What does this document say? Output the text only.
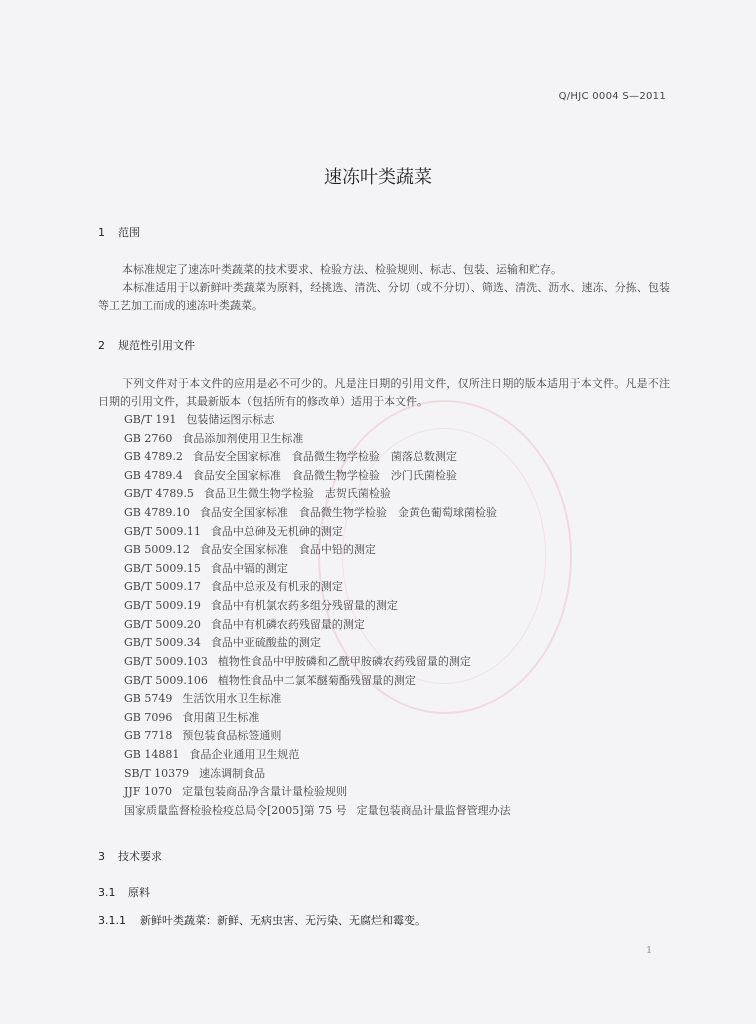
Q/HJC 0004 S—2011
速冻叶类蔬菜
1 范围

本标准规定了速冻叶类蔬菜的技术要求、检验方法、检验规则、标志、包装、运输和贮存。

本标准适用于以新鲜叶类蔬菜为原料，经挑选、清洗、分切（或不分切）、筛选、清洗、沥水、速冻、分拣、包装等工艺加工而成的速冻叶类蔬菜。

2 规范性引用文件

下列文件对于本文件的应用是必不可少的。凡是注日期的引用文件，仅所注日期的版本适用于本文件。凡是不注日期的引用文件，其最新版本（包括所有的修改单）适用于本文件。

GB/T 191 包装储运图示标志
GB 2760 食品添加剂使用卫生标准
GB 4789.2 食品安全国家标准　食品微生物学检验　菌落总数测定
GB 4789.4 食品安全国家标准　食品微生物学检验　沙门氏菌检验
GB/T 4789.5 食品卫生微生物学检验　志贺氏菌检验
GB 4789.10 食品安全国家标准　食品微生物学检验　金黄色葡萄球菌检验
GB/T 5009.11 食品中总砷及无机砷的测定
GB 5009.12 食品安全国家标准　食品中铅的测定
GB/T 5009.15 食品中镉的测定
GB/T 5009.17 食品中总汞及有机汞的测定
GB/T 5009.19 食品中有机氯农药多组分残留量的测定
GB/T 5009.20 食品中有机磷农药残留量的测定
GB/T 5009.34 食品中亚硫酸盐的测定
GB/T 5009.103 植物性食品中甲胺磷和乙酰甲胺磷农药残留量的测定
GB/T 5009.106 植物性食品中二氯苯醚菊酯残留量的测定
GB 5749 生活饮用水卫生标准
GB 7096 食用菌卫生标准
GB 7718 预包装食品标签通则
GB 14881 食品企业通用卫生规范
SB/T 10379 速冻调制食品
JJF 1070 定量包装商品净含量计量检验规则
国家质量监督检验检疫总局令[2005]第 75 号 定量包装商品计量监督管理办法
3 技术要求
3.1 原料
3.1.1 新鲜叶类蔬菜：新鲜、无病虫害、无污染、无腐烂和霉变。
1
